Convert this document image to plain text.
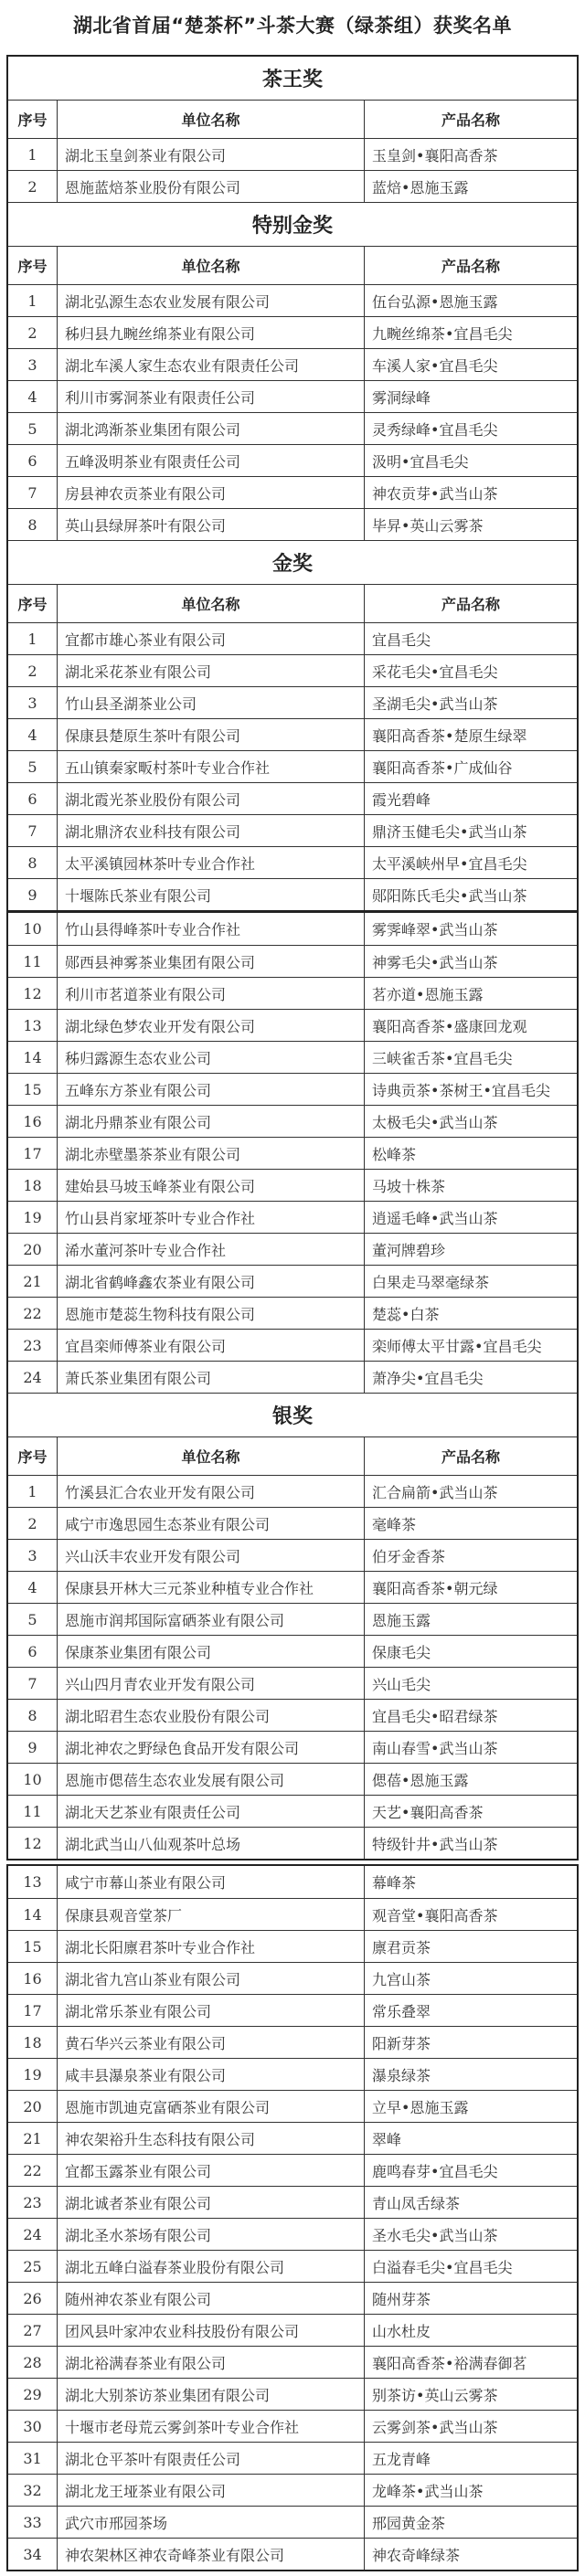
湖北省首届“楚茶杯”斗茶大赛（绿茶组）获奖名单
茶王奖
序号	单位名称	产品名称
1	湖北玉皇剑茶业有限公司	玉皇剑•襄阳高香茶
2	恩施蓝焙茶业股份有限公司	蓝焙•恩施玉露
特别金奖
序号	单位名称	产品名称
1	湖北弘源生态农业发展有限公司	伍台弘源•恩施玉露
2	秭归县九畹丝绵茶业有限公司	九畹丝绵茶•宜昌毛尖
3	湖北车溪人家生态农业有限责任公司	车溪人家•宜昌毛尖
4	利川市雾洞茶业有限责任公司	雾洞绿峰
5	湖北鸿渐茶业集团有限公司	灵秀绿峰•宜昌毛尖
6	五峰汲明茶业有限责任公司	汲明•宜昌毛尖
7	房县神农贡茶业有限公司	神农贡芽•武当山茶
8	英山县绿屏茶叶有限公司	毕昇•英山云雾茶
金奖
序号	单位名称	产品名称
1	宜都市雄心茶业有限公司	宜昌毛尖
2	湖北采花茶业有限公司	采花毛尖•宜昌毛尖
3	竹山县圣湖茶业公司	圣湖毛尖•武当山茶
4	保康县楚原生茶叶有限公司	襄阳高香茶•楚原生绿翠
5	五山镇秦家畈村茶叶专业合作社	襄阳高香茶•广成仙谷
6	湖北霞光茶业股份有限公司	霞光碧峰
7	湖北鼎济农业科技有限公司	鼎济玉健毛尖•武当山茶
8	太平溪镇园林茶叶专业合作社	太平溪峡州早•宜昌毛尖
9	十堰陈氏茶业有限公司	郧阳陈氏毛尖•武当山茶
10	竹山县得峰茶叶专业合作社	雾霁峰翠•武当山茶
11	郧西县神雾茶业集团有限公司	神雾毛尖•武当山茶
12	利川市茗道茶业有限公司	茗亦道•恩施玉露
13	湖北绿色梦农业开发有限公司	襄阳高香茶•盛康回龙观
14	秭归露源生态农业公司	三峡雀舌茶•宜昌毛尖
15	五峰东方茶业有限公司	诗典贡茶•茶树王•宜昌毛尖
16	湖北丹鼎茶业有限公司	太极毛尖•武当山茶
17	湖北赤壁墨茶茶业有限公司	松峰茶
18	建始县马坡玉峰茶业有限公司	马坡十株茶
19	竹山县肖家垭茶叶专业合作社	逍遥毛峰•武当山茶
20	浠水董河茶叶专业合作社	董河牌碧珍
21	湖北省鹤峰鑫农茶业有限公司	白果走马翠毫绿茶
22	恩施市楚蕊生物科技有限公司	楚蕊•白茶
23	宜昌栾师傅茶业有限公司	栾师傅太平甘露•宜昌毛尖
24	萧氏茶业集团有限公司	萧净尖•宜昌毛尖
银奖
序号	单位名称	产品名称
1	竹溪县汇合农业开发有限公司	汇合扁箭•武当山茶
2	咸宁市逸思园生态茶业有限公司	毫峰茶
3	兴山沃丰农业开发有限公司	伯牙金香茶
4	保康县开林大三元茶业种植专业合作社	襄阳高香茶•朝元绿
5	恩施市润邦国际富硒茶业有限公司	恩施玉露
6	保康茶业集团有限公司	保康毛尖
7	兴山四月青农业开发有限公司	兴山毛尖
8	湖北昭君生态农业股份有限公司	宜昌毛尖•昭君绿茶
9	湖北神农之野绿色食品开发有限公司	南山春雪•武当山茶
10	恩施市偲蓓生态农业发展有限公司	偲蓓•恩施玉露
11	湖北天艺茶业有限责任公司	天艺•襄阳高香茶
12	湖北武当山八仙观茶叶总场	特级针井•武当山茶
13	咸宁市幕山茶业有限公司	幕峰茶
14	保康县观音堂茶厂	观音堂•襄阳高香茶
15	湖北长阳廪君茶叶专业合作社	廪君贡茶
16	湖北省九宫山茶业有限公司	九宫山茶
17	湖北常乐茶业有限公司	常乐叠翠
18	黄石华兴云茶业有限公司	阳新芽茶
19	咸丰县瀑泉茶业有限公司	瀑泉绿茶
20	恩施市凯迪克富硒茶业有限公司	立早•恩施玉露
21	神农架裕升生态科技有限公司	翠峰
22	宜都玉露茶业有限公司	鹿鸣春芽•宜昌毛尖
23	湖北诚者茶业有限公司	青山凤舌绿茶
24	湖北圣水茶场有限公司	圣水毛尖•武当山茶
25	湖北五峰白溢春茶业股份有限公司	白溢春毛尖•宜昌毛尖
26	随州神农茶业有限公司	随州芽茶
27	团风县叶家冲农业科技股份有限公司	山水杜皮
28	湖北裕满春茶业有限公司	襄阳高香茶•裕满春御茗
29	湖北大别茶访茶业集团有限公司	别茶访•英山云雾茶
30	十堰市老母荒云雾剑茶叶专业合作社	云雾剑茶•武当山茶
31	湖北仓平茶叶有限责任公司	五龙青峰
32	湖北龙王垭茶业有限公司	龙峰茶•武当山茶
33	武穴市邢园茶场	邢园黄金茶
34	神农架林区神农奇峰茶业有限公司	神农奇峰绿茶
